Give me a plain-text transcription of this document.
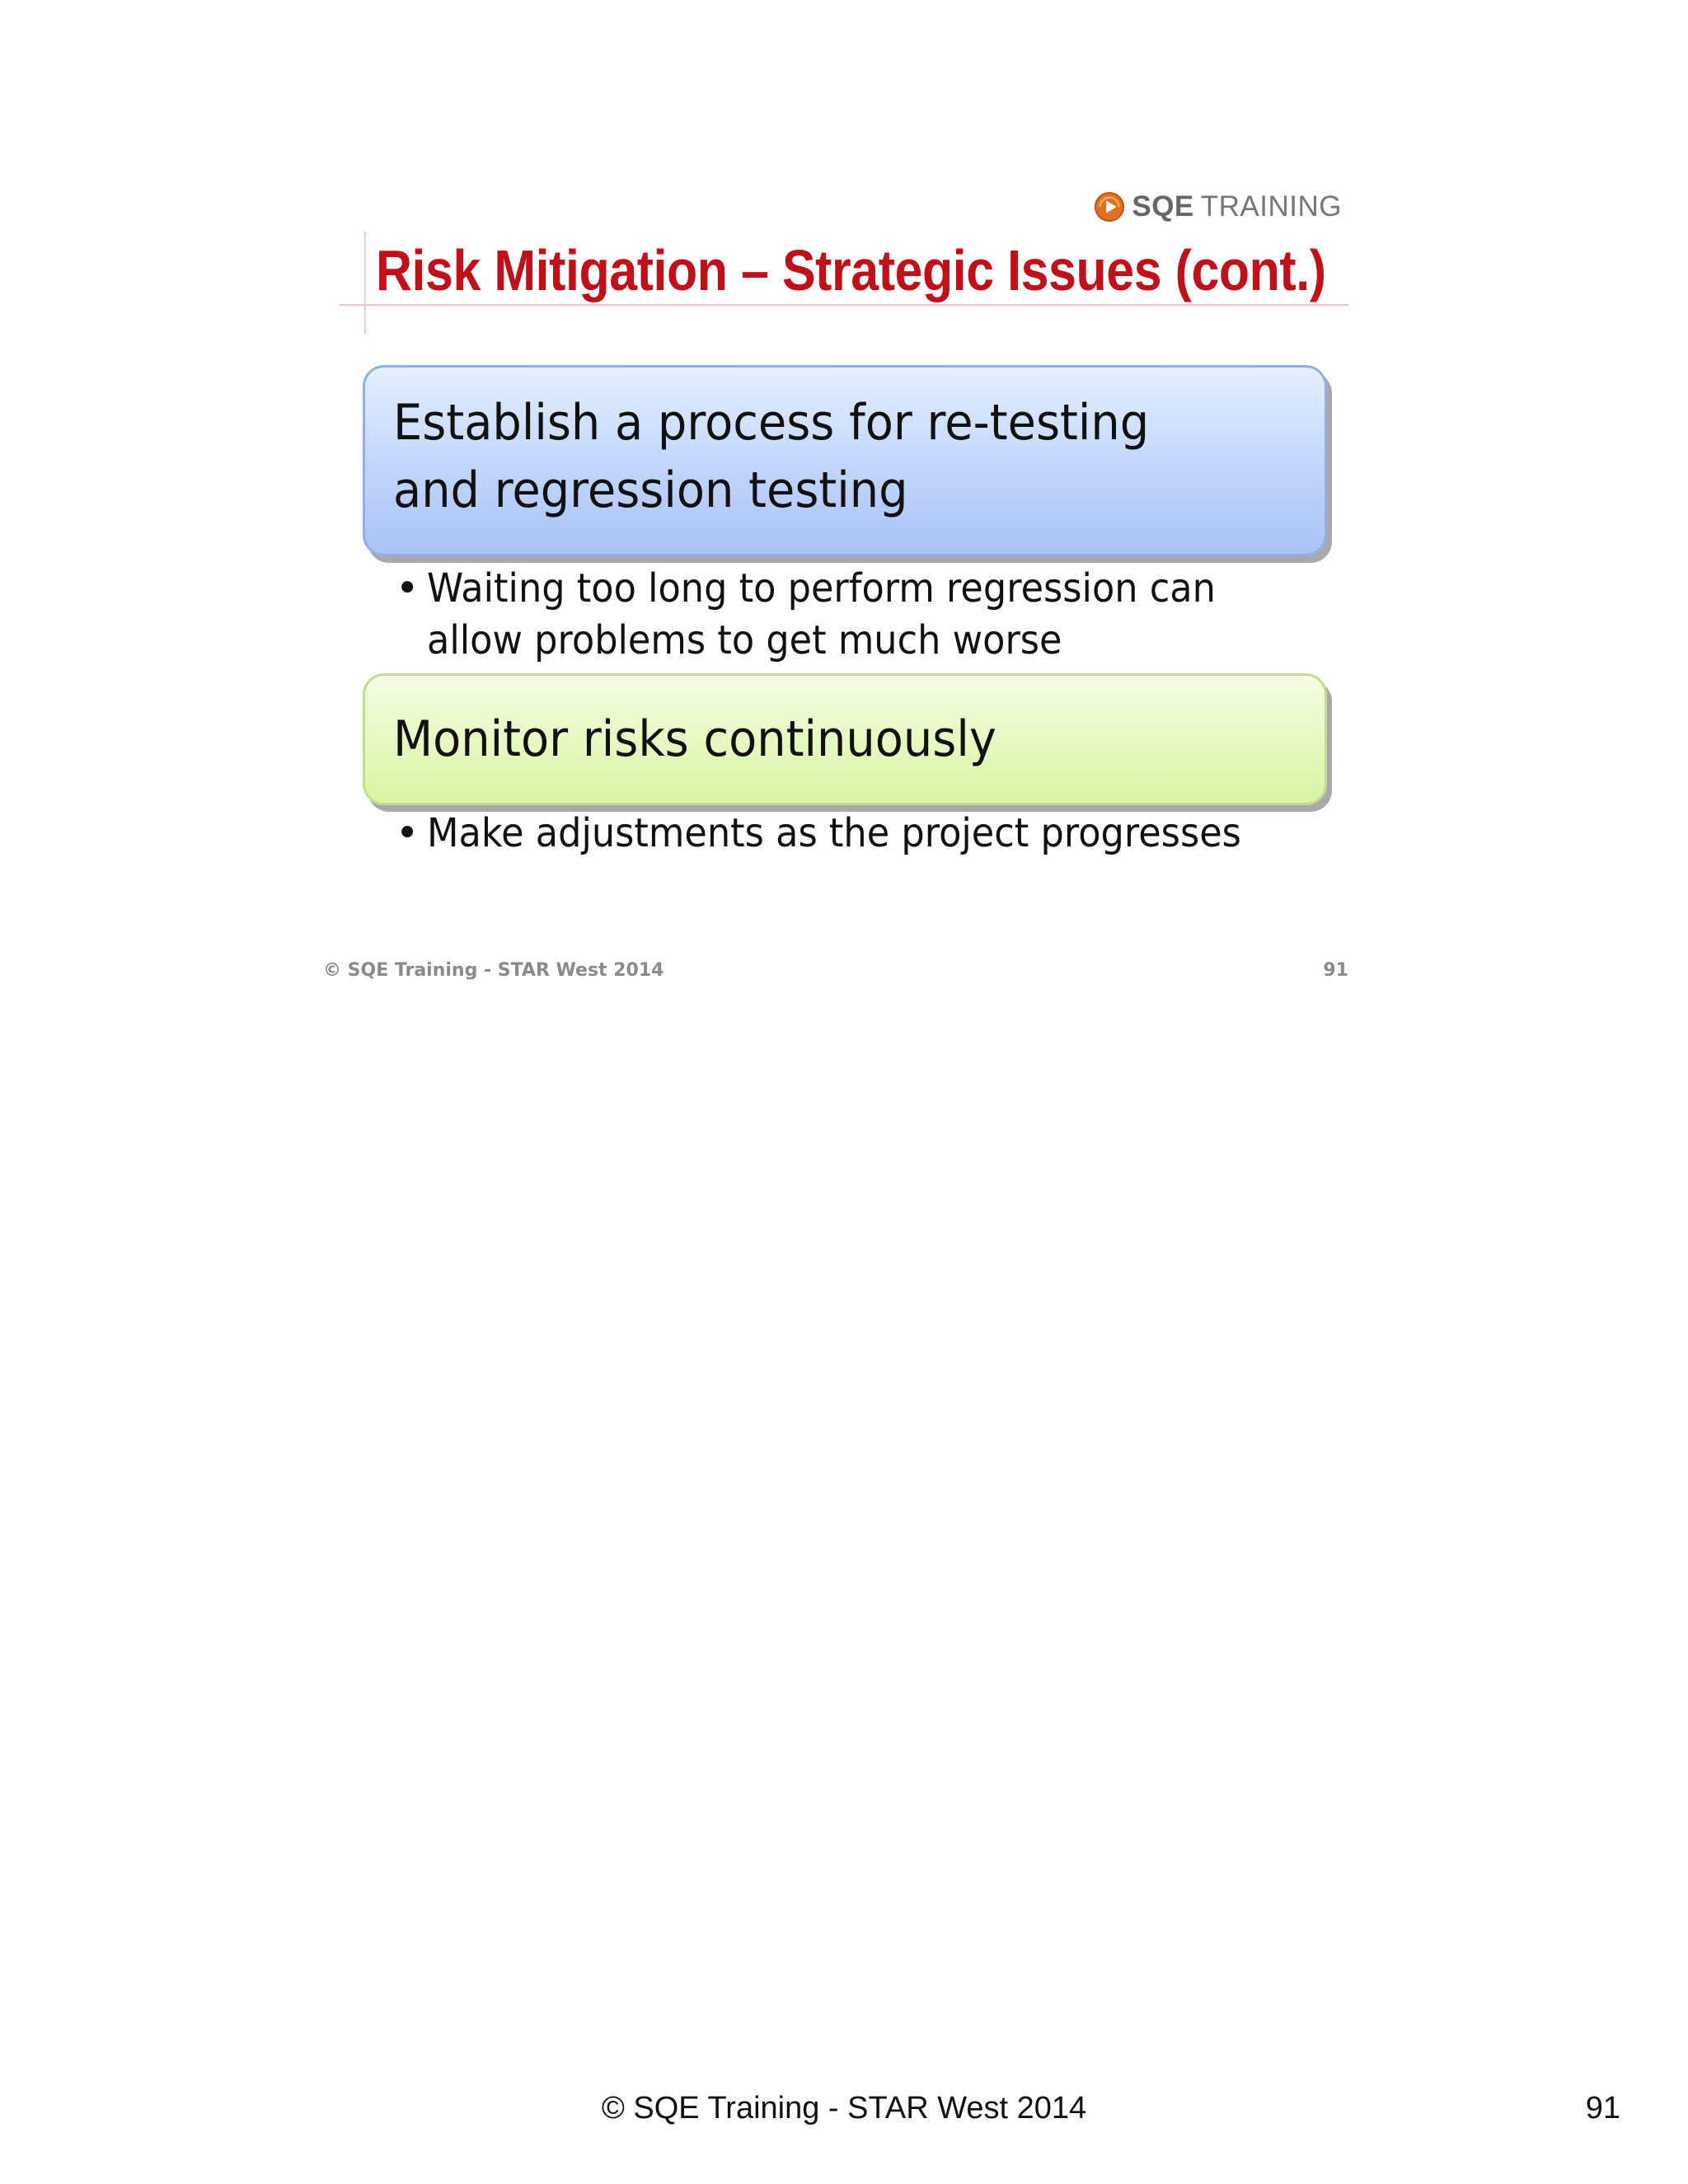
SQE TRAINING
Risk Mitigation – Strategic Issues (cont.)

Establish a process for re-testing and regression testing

• Waiting too long to perform regression can allow problems to get much worse

Monitor risks continuously

• Make adjustments as the project progresses
© SQE Training - STAR West 2014	91
© SQE Training - STAR West 2014	91
